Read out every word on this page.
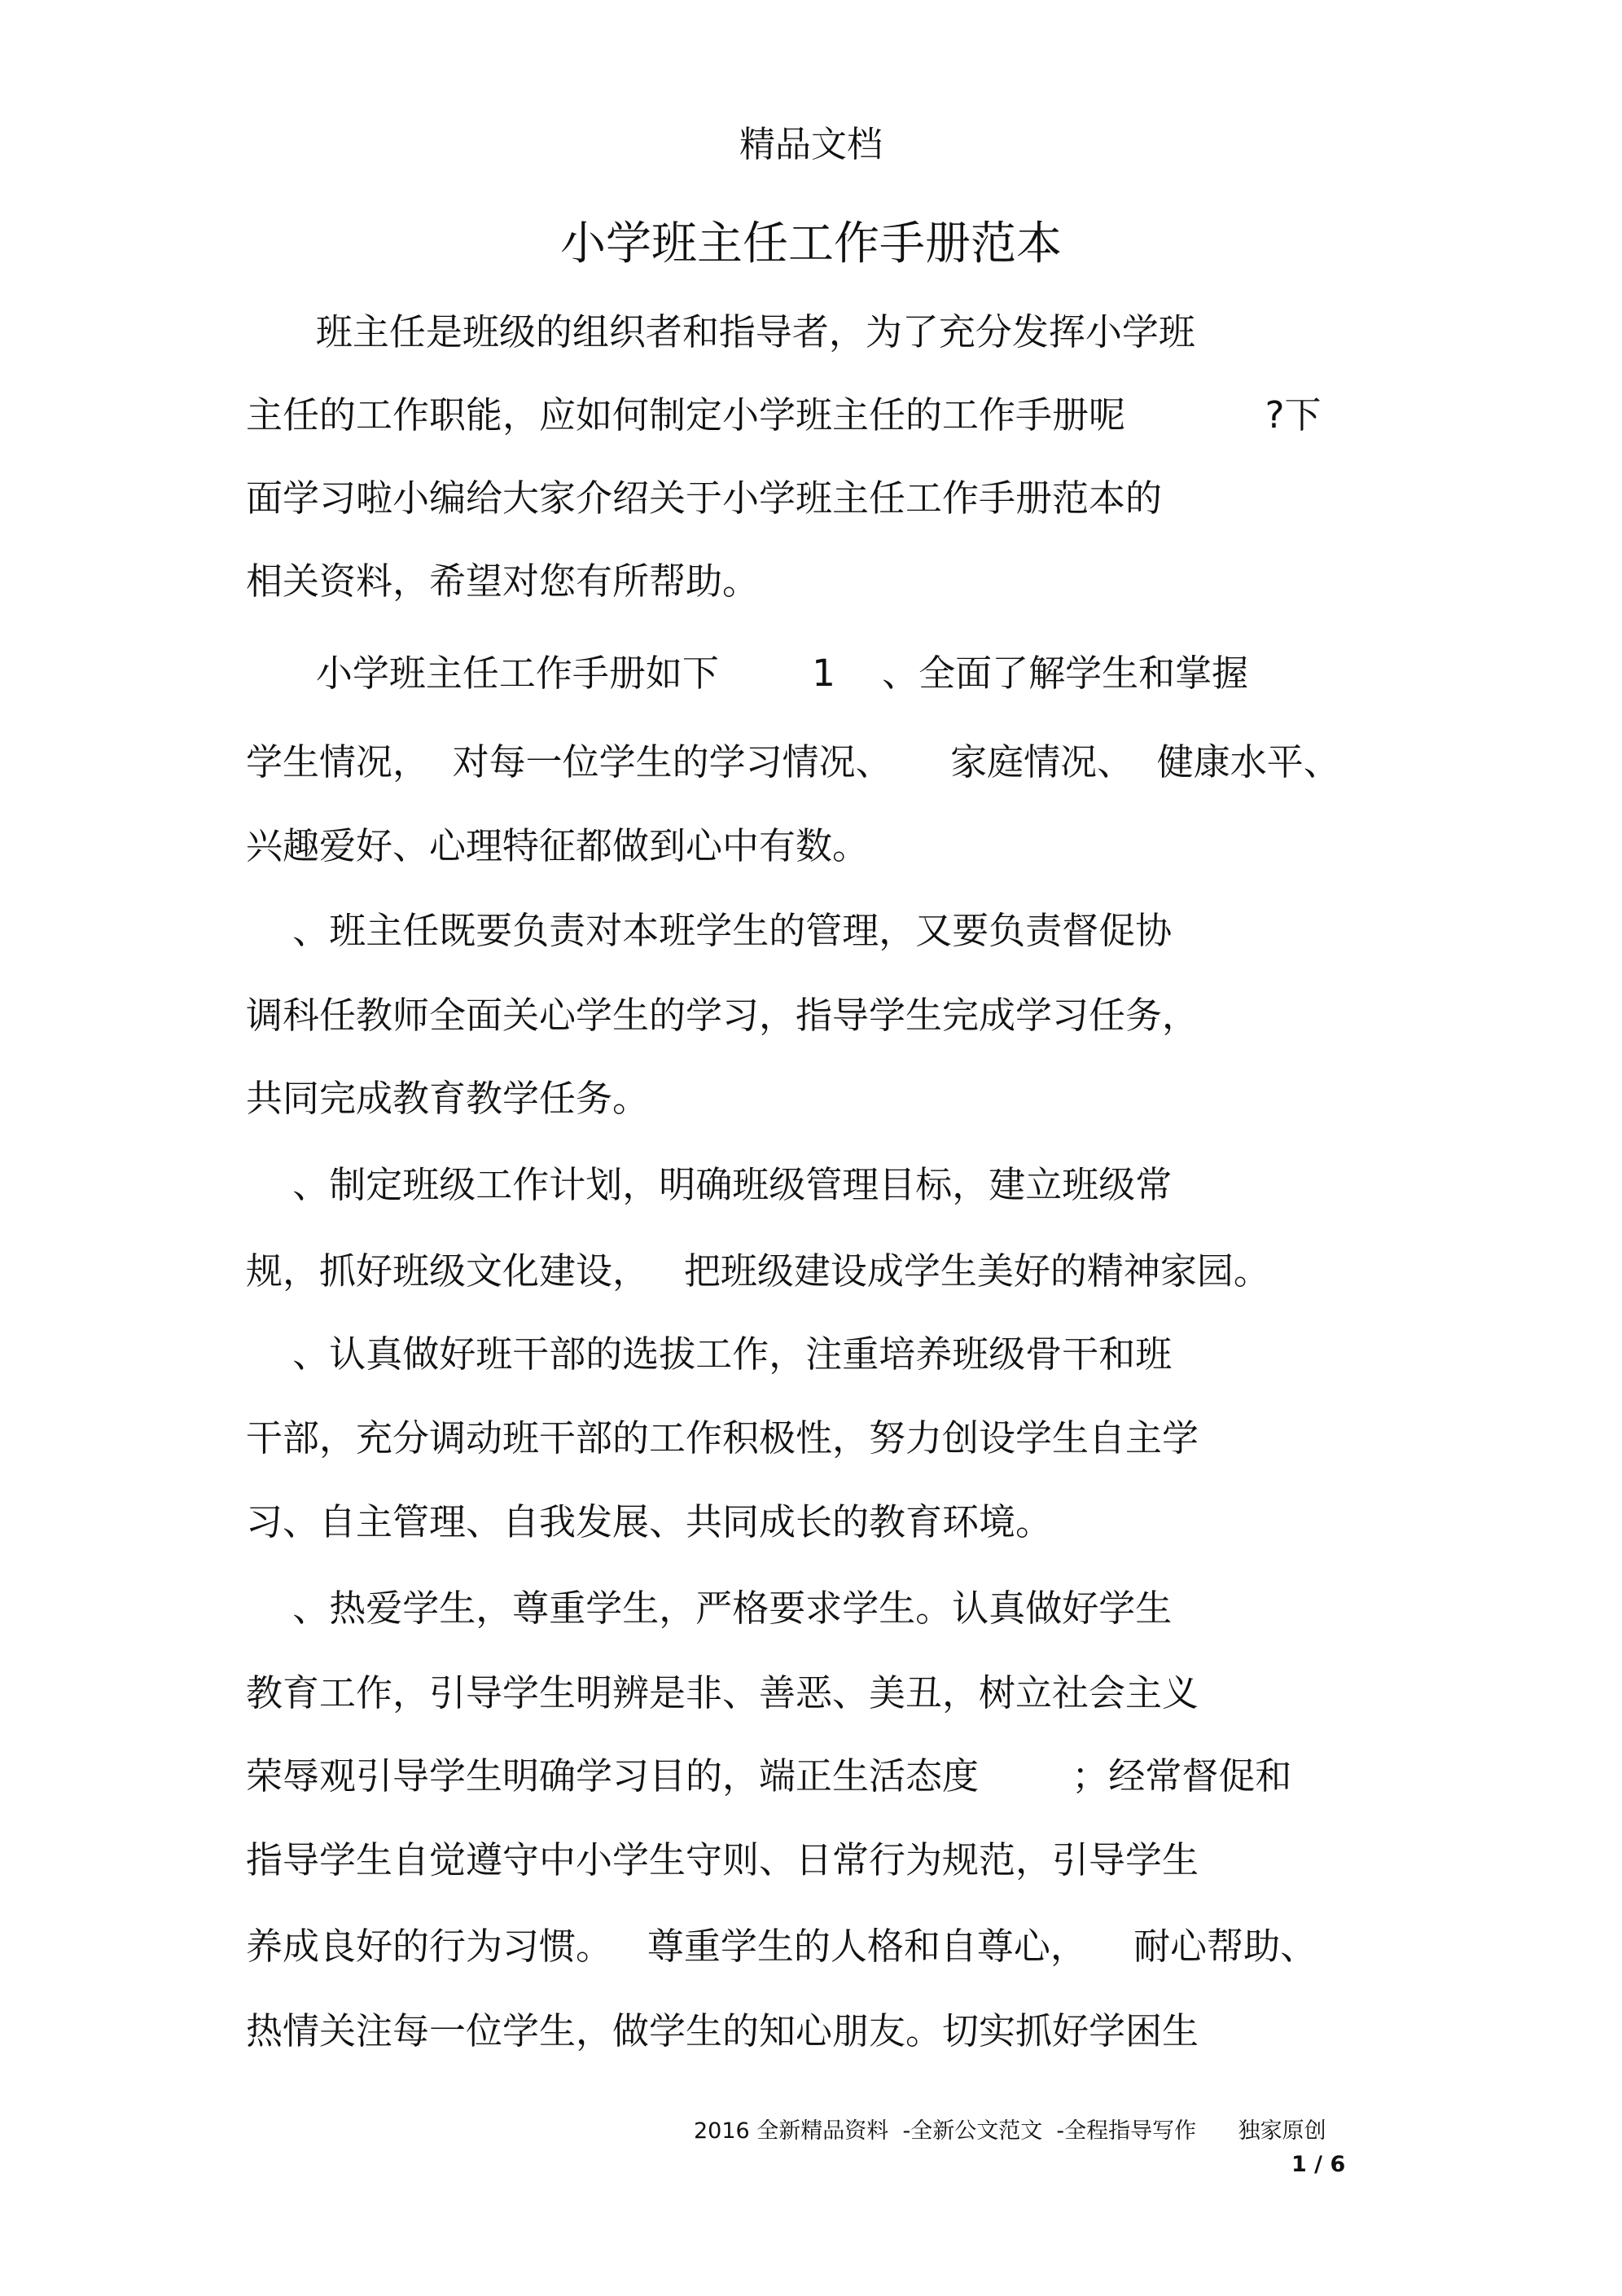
精品文档
小学班主任工作手册范本
班主任是班级的组织者和指导者，为了充分发挥小学班
主任的工作职能，应如何制定小学班主任的工作手册呢            ?下
面学习啦小编给大家介绍关于小学班主任工作手册范本的
相关资料，希望对您有所帮助。
小学班主任工作手册如下        1    、全面了解学生和掌握
学生情况，  对每一位学生的学习情况、     家庭情况、  健康水平、
兴趣爱好、心理特征都做到心中有数。
、班主任既要负责对本班学生的管理，又要负责督促协
调科任教师全面关心学生的学习，指导学生完成学习任务，
共同完成教育教学任务。
、制定班级工作计划，明确班级管理目标，建立班级常
规，抓好班级文化建设，   把班级建设成学生美好的精神家园。
、认真做好班干部的选拔工作，注重培养班级骨干和班
干部，充分调动班干部的工作积极性，努力创设学生自主学
习、自主管理、自我发展、共同成长的教育环境。
、热爱学生，尊重学生，严格要求学生。认真做好学生
教育工作，引导学生明辨是非、善恶、美丑，树立社会主义
荣辱观引导学生明确学习目的，端正生活态度        ；经常督促和
指导学生自觉遵守中小学生守则、日常行为规范，引导学生
养成良好的行为习惯。   尊重学生的人格和自尊心，    耐心帮助、
热情关注每一位学生，做学生的知心朋友。切实抓好学困生
2016 全新精品资料  -全新公文范文  -全程指导写作      独家原创
1 / 6
